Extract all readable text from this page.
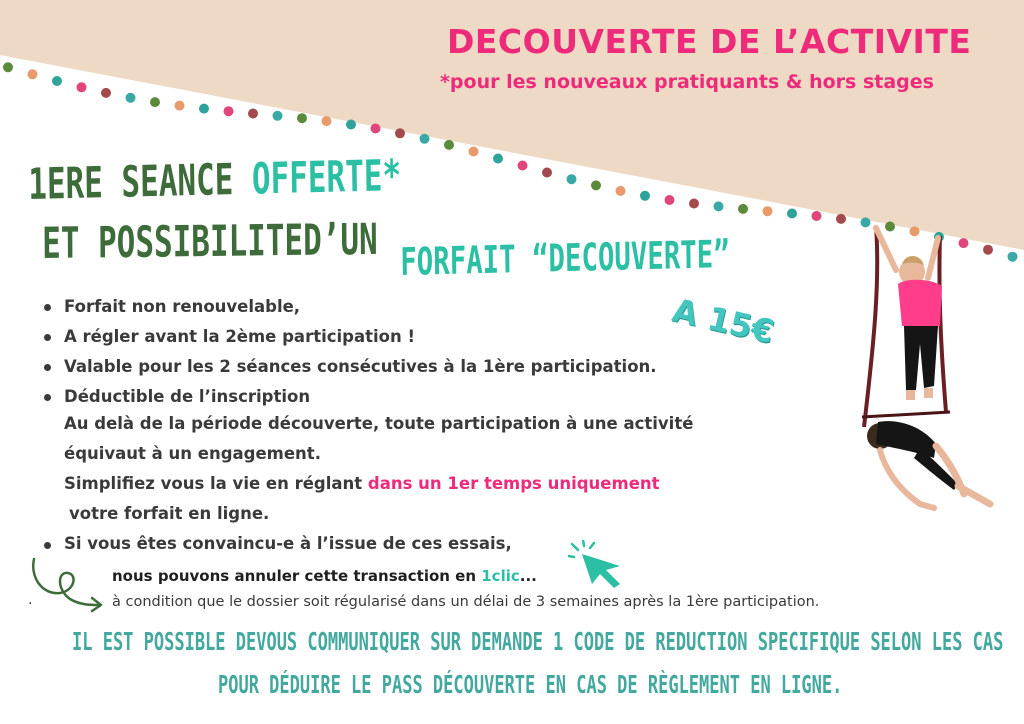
DECOUVERTE DE L’ACTIVITE
*pour les nouveaux pratiquants & hors stages
1ERE SEANCE OFFERTE*
ET POSSIBILITED’UN FORFAIT “DECOUVERTE”
A 15€
Forfait non renouvelable,
A régler avant la 2ème participation !
Valable pour les 2 séances consécutives à la 1ère participation.
Déductible de l’inscription
Au delà de la période découverte, toute participation à une activité
équivaut à un engagement.
Simplifiez vous la vie en réglant dans un 1er temps uniquement
votre forfait en ligne.
Si vous êtes convaincu-e à l’issue de ces essais,
nous pouvons annuler cette transaction en 1clic...
.	à condition que le dossier soit régularisé dans un délai de 3 semaines après la 1ère participation.
IL EST POSSIBLE DEVOUS COMMUNIQUER SUR DEMANDE 1 CODE DE REDUCTION SPECIFIQUE SELON LES CAS
POUR DÉDUIRE LE PASS DÉCOUVERTE EN CAS DE RÈGLEMENT EN LIGNE.
